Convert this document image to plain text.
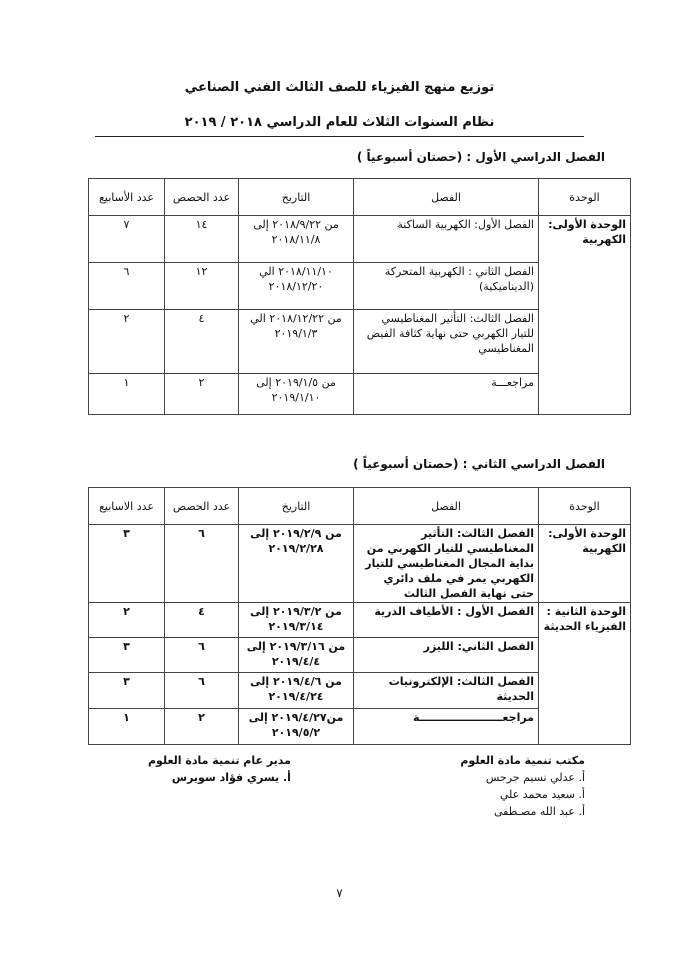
توزيع منهج الفيزياء للصف الثالث الفني الصناعي
نظام السنوات الثلاث للعام الدراسي ٢٠١٨ / ٢٠١٩
الفصل الدراسي الأول : (حصتان أسبوعياً )
الوحدة	الفصل	التاريخ	عدد الحصص	عدد الأسابيع
الوحدة الأولى: الكهربية	الفصل الأول: الكهربية الساكنة	من ٢٠١٨/٩/٢٢ إلى ٢٠١٨/١١/٨	١٤	٧
	الفصل الثاني : الكهربية المتحركة (الديناميكية)	٢٠١٨/١١/١٠ الي ٢٠١٨/١٢/٢٠	١٢	٦
	الفصل الثالث: التأثير المغناطيسي للتيار الكهربي حتى نهاية كثافة الفيض المغناطيسي	من ٢٠١٨/١٢/٢٢ الي ٢٠١٩/١/٣	٤	٢
	مراجعـــة	من ٢٠١٩/١/٥ إلى ٢٠١٩/١/١٠	٢	١
الفصل الدراسي الثاني : (حصتان أسبوعياً )
الوحدة	الفصل	التاريخ	عدد الحصص	عدد الاسابيع
الوحدة الأولى: الكهربية	الفصل الثالث: التأثير المغناطيسي للتيار الكهربي من بداية المجال المغناطيسي للتيار الكهربي يمر في ملف دائري حتى نهاية الفصل الثالث	من ٢٠١٩/٢/٩ إلى ٢٠١٩/٢/٢٨	٦	٣
الوحدة الثانية : الفيزياء الحديثة	الفصل الأول : الأطياف الذرية	من ٢٠١٩/٣/٢ إلى ٢٠١٩/٣/١٤	٤	٢
	الفصل الثاني: الليزر	من ٢٠١٩/٣/١٦ إلى ٢٠١٩/٤/٤	٦	٣
	الفصل الثالث: الإلكترونيات الحديثة	من ٢٠١٩/٤/٦ إلى ٢٠١٩/٤/٢٤	٦	٣
	مراجعــــــــــــــــــــــة	من٢٠١٩/٤/٢٧ إلى ٢٠١٩/٥/٢	٢	١
مكتب تنمية مادة العلوم
أ. عدلي نسيم جرجس
أ. سعيد محمد علي
أ. عبد الله مصـطفى
مدير عام تنمية مادة العلوم
أ. يسري فؤاد سويرس
٧
